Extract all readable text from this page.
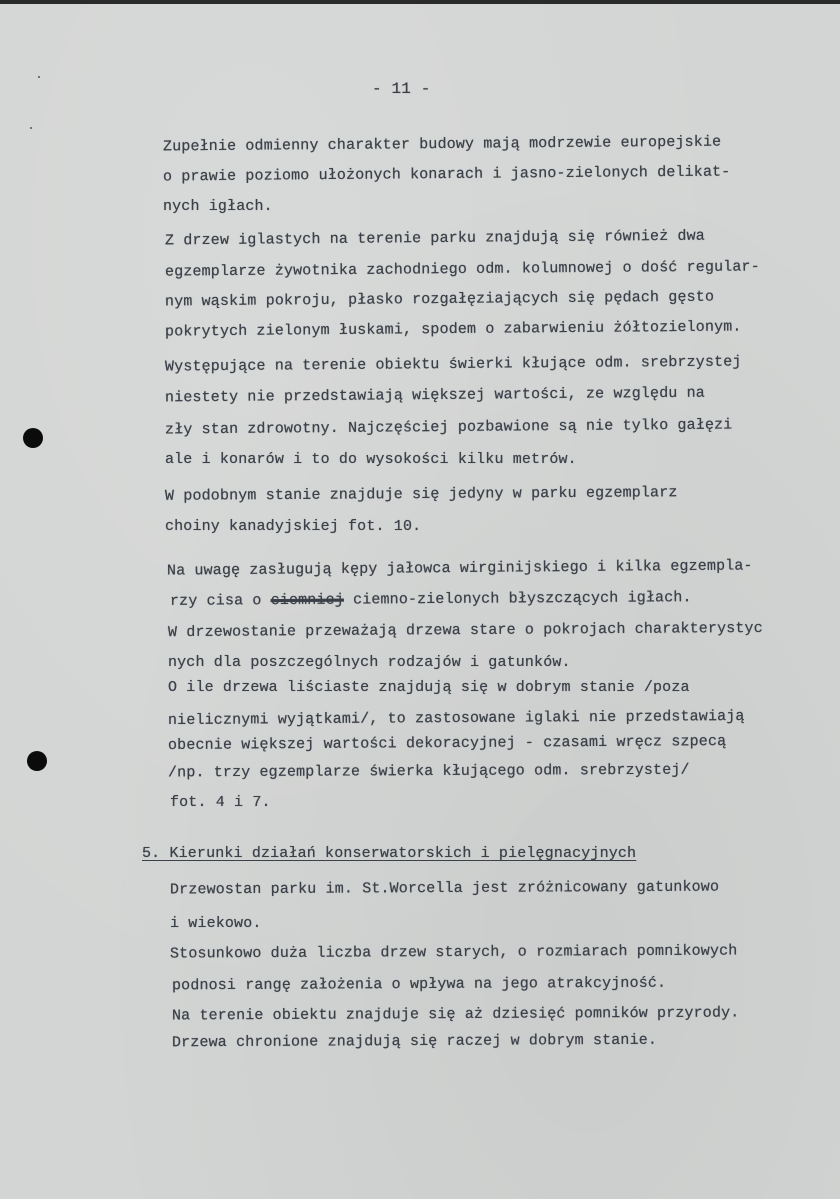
- 11 -
Zupełnie odmienny charakter budowy mają modrzewie europejskie
o prawie poziomo ułożonych konarach i jasno-zielonych delikat-
nych igłach.
Z drzew iglastych na terenie parku znajdują się również dwa
egzemplarze żywotnika zachodniego odm. kolumnowej o dość regular-
nym wąskim pokroju, płasko rozgałęziających się pędach gęsto
pokrytych zielonym łuskami, spodem o zabarwieniu żółtozielonym.
Występujące na terenie obiektu świerki kłujące odm. srebrzystej
niestety nie przedstawiają większej wartości, ze względu na
zły stan zdrowotny. Najczęściej pozbawione są nie tylko gałęzi
ale i konarów i to do wysokości kilku metrów.
W podobnym stanie znajduje się jedyny w parku egzemplarz
choiny kanadyjskiej fot. 10.
Na uwagę zasługują kępy jałowca wirginijskiego i kilka egzempla-
rzy cisa o ciemniej ciemno-zielonych błyszczących igłach.
W drzewostanie przeważają drzewa stare o pokrojach charakterystyc
nych dla poszczególnych rodzajów i gatunków.
O ile drzewa liściaste znajdują się w dobrym stanie /poza
nielicznymi wyjątkami/, to zastosowane iglaki nie przedstawiają
obecnie większej wartości dekoracyjnej - czasami wręcz szpecą
/np. trzy egzemplarze świerka kłującego odm. srebrzystej/
fot. 4 i 7.
5. Kierunki działań konserwatorskich i pielęgnacyjnych
Drzewostan parku im. St.Worcella jest zróżnicowany gatunkowo
i wiekowo.
Stosunkowo duża liczba drzew starych, o rozmiarach pomnikowych
podnosi rangę założenia o wpływa na jego atrakcyjność.
Na terenie obiektu znajduje się aż dziesięć pomników przyrody.
Drzewa chronione znajdują się raczej w dobrym stanie.
